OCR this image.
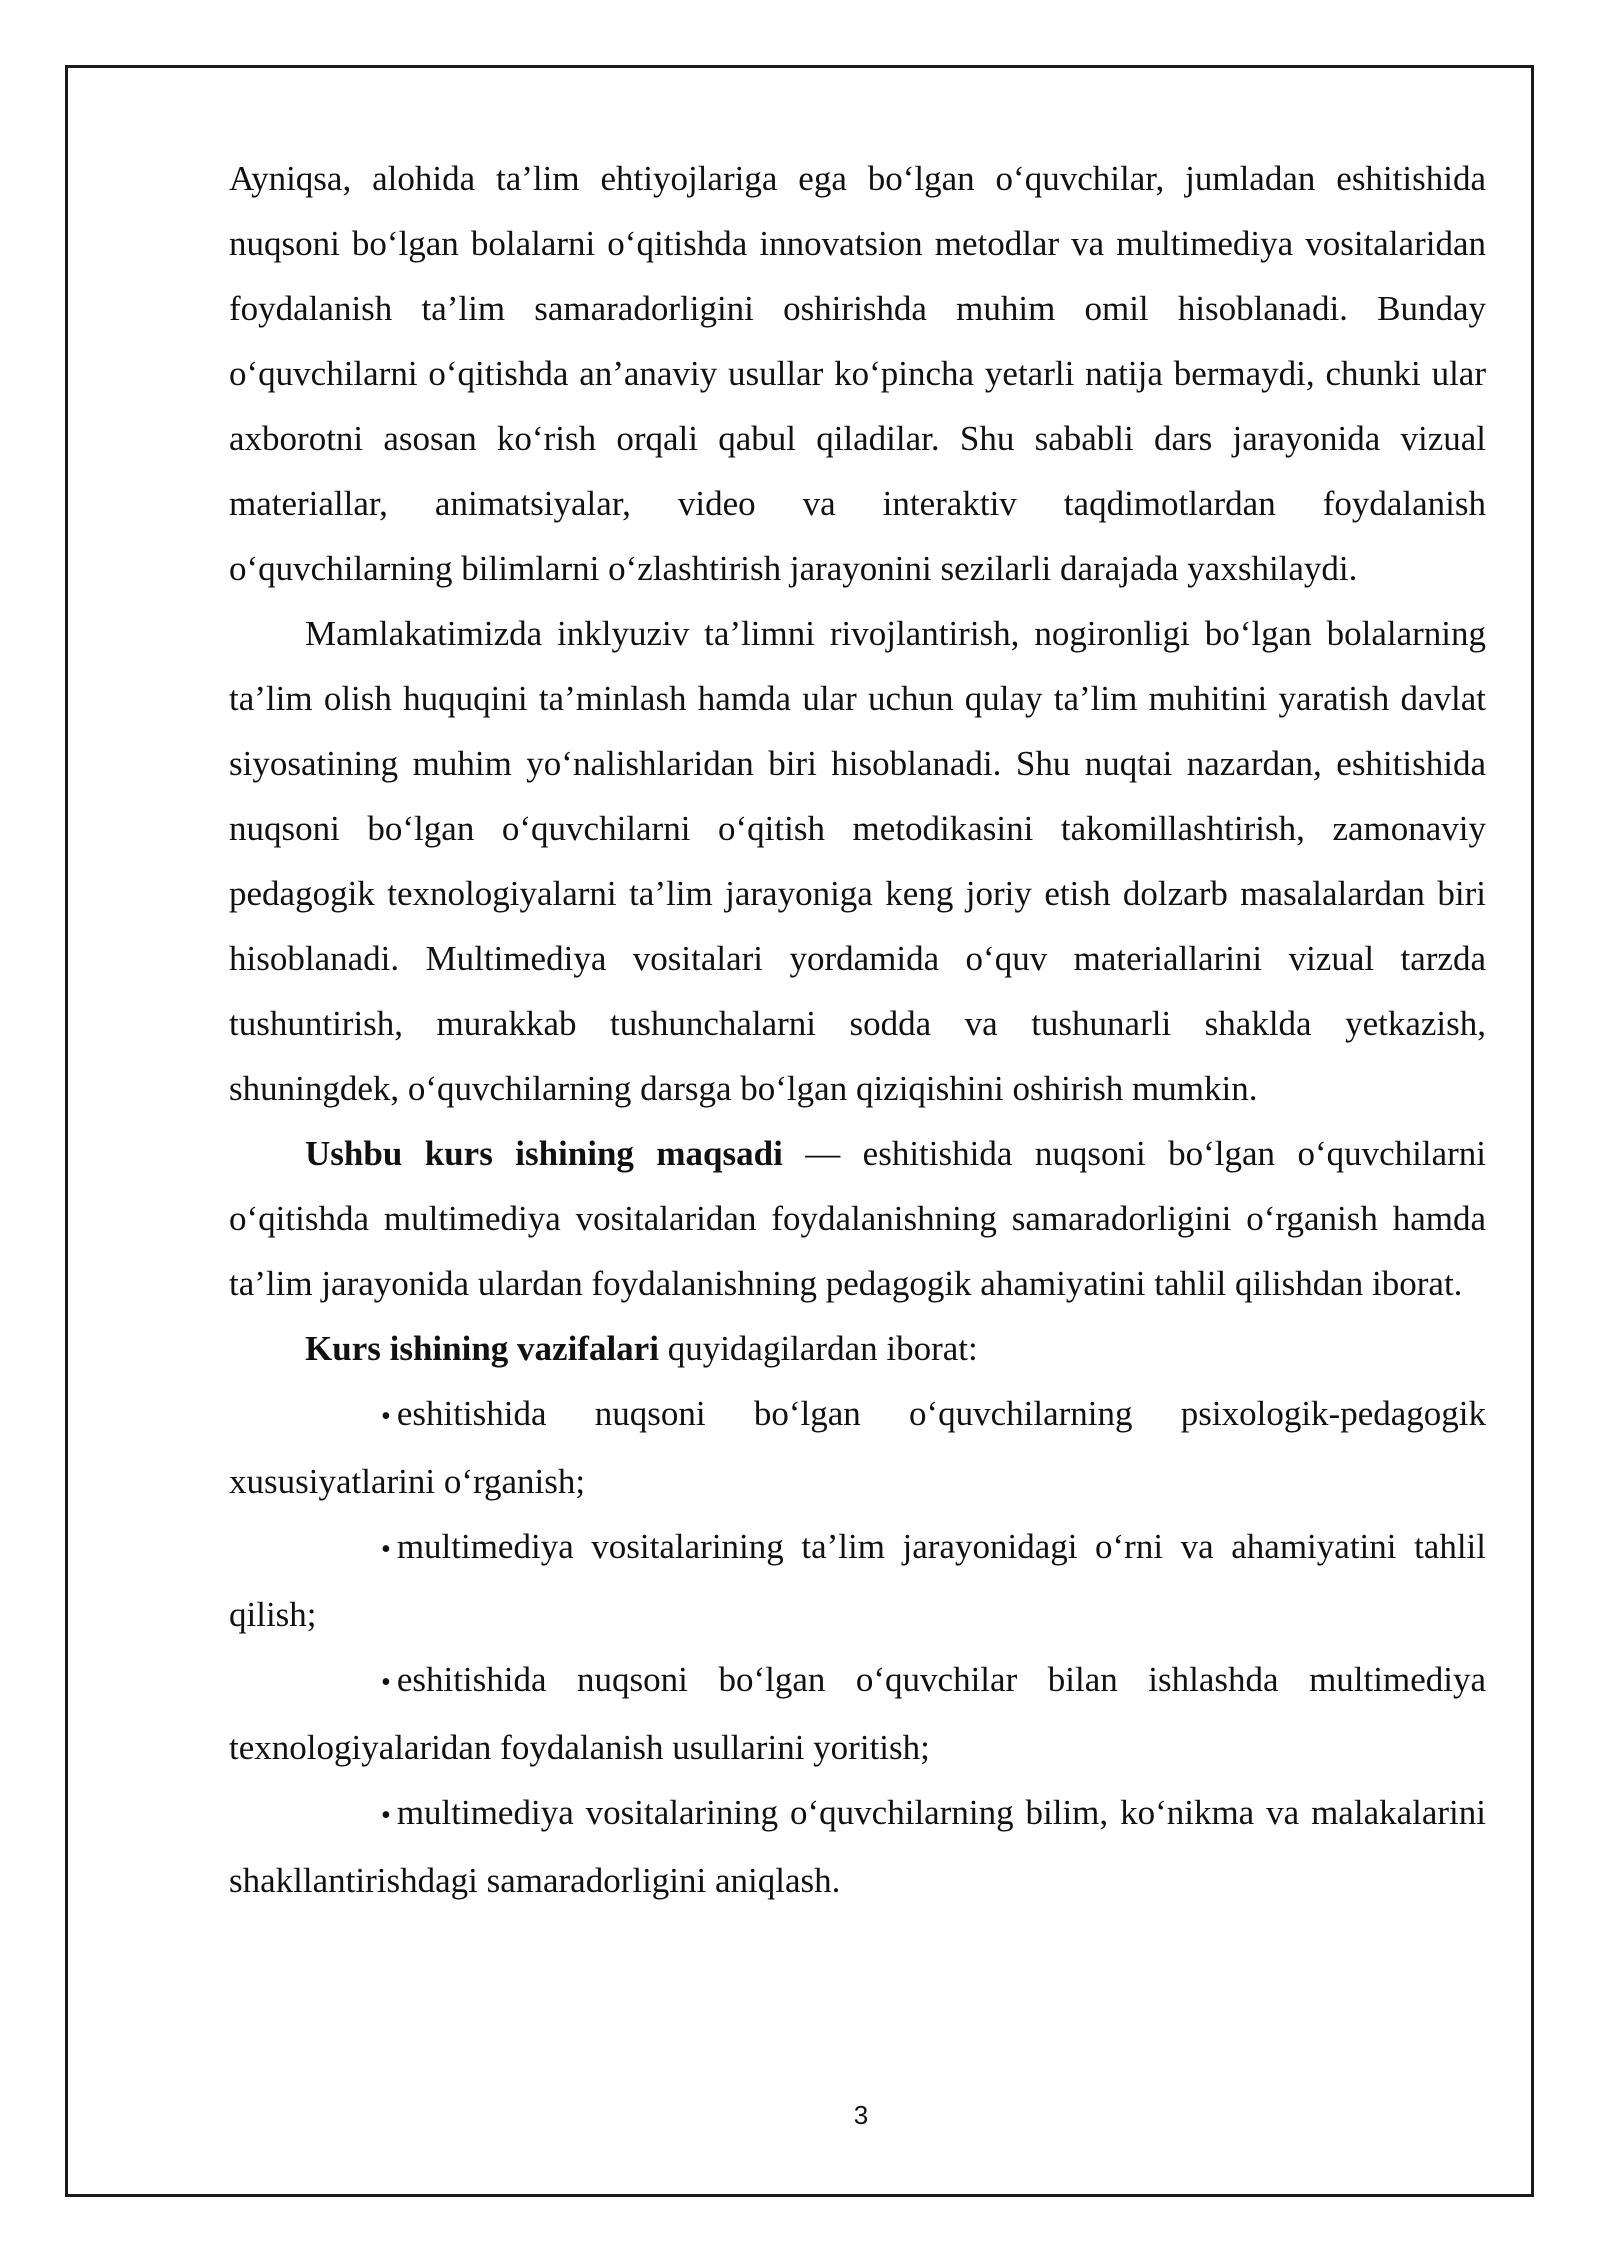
Ayniqsa, alohida ta’lim ehtiyojlariga ega bo‘lgan o‘quvchilar, jumladan eshitishida nuqsoni bo‘lgan bolalarni o‘qitishda innovatsion metodlar va multimediya vositalaridan foydalanish ta’lim samaradorligini oshirishda muhim omil hisoblanadi. Bunday o‘quvchilarni o‘qitishda an’anaviy usullar ko‘pincha yetarli natija bermaydi, chunki ular axborotni asosan ko‘rish orqali qabul qiladilar. Shu sababli dars jarayonida vizual materiallar, animatsiyalar, video va interaktiv taqdimotlardan foydalanish o‘quvchilarning bilimlarni o‘zlashtirish jarayonini sezilarli darajada yaxshilaydi.

Mamlakatimizda inklyuziv ta’limni rivojlantirish, nogironligi bo‘lgan bolalarning ta’lim olish huquqini ta’minlash hamda ular uchun qulay ta’lim muhitini yaratish davlat siyosatining muhim yo‘nalishlaridan biri hisoblanadi. Shu nuqtai nazardan, eshitishida nuqsoni bo‘lgan o‘quvchilarni o‘qitish metodikasini takomillashtirish, zamonaviy pedagogik texnologiyalarni ta’lim jarayoniga keng joriy etish dolzarb masalalardan biri hisoblanadi. Multimediya vositalari yordamida o‘quv materiallarini vizual tarzda tushuntirish, murakkab tushunchalarni sodda va tushunarli shaklda yetkazish, shuningdek, o‘quvchilarning darsga bo‘lgan qiziqishini oshirish mumkin.

Ushbu kurs ishining maqsadi — eshitishida nuqsoni bo‘lgan o‘quvchilarni o‘qitishda multimediya vositalaridan foydalanishning samaradorligini o‘rganish hamda ta’lim jarayonida ulardan foydalanishning pedagogik ahamiyatini tahlil qilishdan iborat.

Kurs ishining vazifalari quyidagilardan iborat:

• eshitishida nuqsoni bo‘lgan o‘quvchilarning psixologik-pedagogik xususiyatlarini o‘rganish;

• multimediya vositalarining ta’lim jarayonidagi o‘rni va ahamiyatini tahlil qilish;

• eshitishida nuqsoni bo‘lgan o‘quvchilar bilan ishlashda multimediya texnologiyalaridan foydalanish usullarini yoritish;

• multimediya vositalarining o‘quvchilarning bilim, ko‘nikma va malakalarini shakllantirishdagi samaradorligini aniqlash.

3
